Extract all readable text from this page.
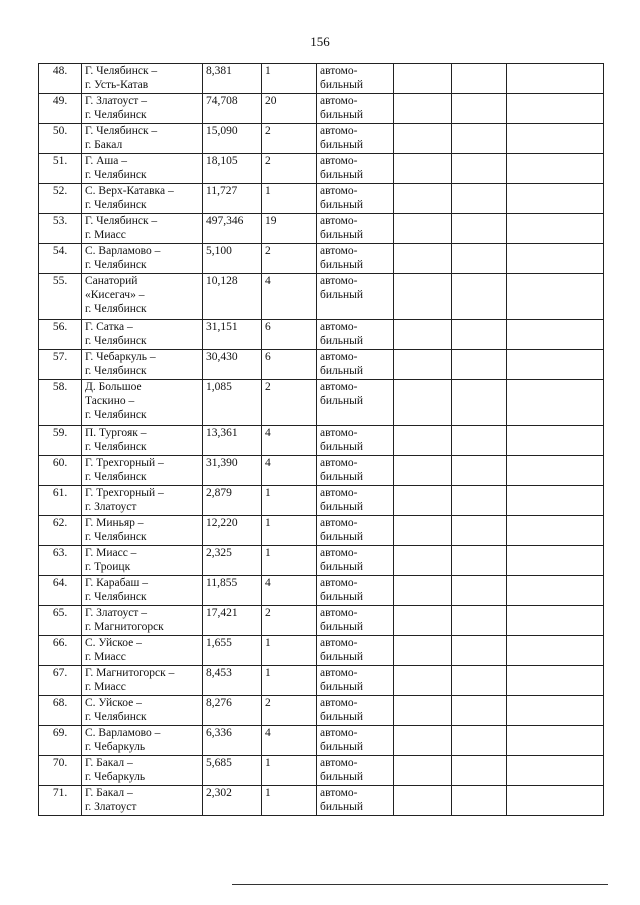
156
48.	Г. Челябинск –
г. Усть-Катав	8,381	1	автомо-
бильный			
49.	Г. Златоуст –
г. Челябинск	74,708	20	автомо-
бильный			
50.	Г. Челябинск –
г. Бакал	15,090	2	автомо-
бильный			
51.	Г. Аша –
г. Челябинск	18,105	2	автомо-
бильный			
52.	С. Верх-Катавка –
г. Челябинск	11,727	1	автомо-
бильный			
53.	Г. Челябинск –
г. Миасс	497,346	19	автомо-
бильный			
54.	С. Варламово –
г. Челябинск	5,100	2	автомо-
бильный			
55.	Санаторий
«Кисегач» –
г. Челябинск	10,128	4	автомо-
бильный			
56.	Г. Сатка –
г. Челябинск	31,151	6	автомо-
бильный			
57.	Г. Чебаркуль –
г. Челябинск	30,430	6	автомо-
бильный			
58.	Д. Большое
Таскино –
г. Челябинск	1,085	2	автомо-
бильный			
59.	П. Тургояк –
г. Челябинск	13,361	4	автомо-
бильный			
60.	Г. Трехгорный –
г. Челябинск	31,390	4	автомо-
бильный			
61.	Г. Трехгорный –
г. Златоуст	2,879	1	автомо-
бильный			
62.	Г. Миньяр –
г. Челябинск	12,220	1	автомо-
бильный			
63.	Г. Миасс –
г. Троицк	2,325	1	автомо-
бильный			
64.	Г. Карабаш –
г. Челябинск	11,855	4	автомо-
бильный			
65.	Г. Златоуст –
г. Магнитогорск	17,421	2	автомо-
бильный			
66.	С. Уйское –
г. Миасс	1,655	1	автомо-
бильный			
67.	Г. Магнитогорск –
г. Миасс	8,453	1	автомо-
бильный			
68.	С. Уйское –
г. Челябинск	8,276	2	автомо-
бильный			
69.	С. Варламово –
г. Чебаркуль	6,336	4	автомо-
бильный			
70.	Г. Бакал –
г. Чебаркуль	5,685	1	автомо-
бильный			
71.	Г. Бакал –
г. Златоуст	2,302	1	автомо-
бильный			
